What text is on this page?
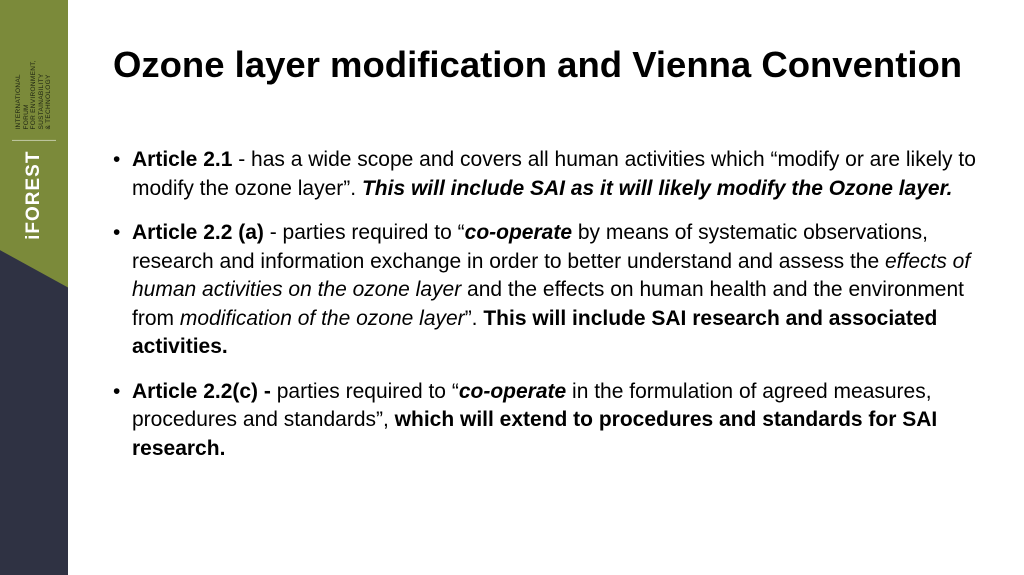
iFOREST
INTERNATIONAL FORUM FOR ENVIRONMENT, SUSTAINABILITY & TECHNOLOGY
Ozone layer modification and Vienna Convention
• Article 2.1 - has a wide scope and covers all human activities which “modify or are likely to modify the ozone layer”. This will include SAI as it will likely modify the Ozone layer.
• Article 2.2 (a) - parties required to “co-operate by means of systematic observations, research and information exchange in order to better understand and assess the effects of human activities on the ozone layer and the effects on human health and the environment from modification of the ozone layer”. This will include SAI research and associated activities.
• Article 2.2(c) - parties required to “co-operate in the formulation of agreed measures, procedures and standards”, which will extend to procedures and standards for SAI research.
